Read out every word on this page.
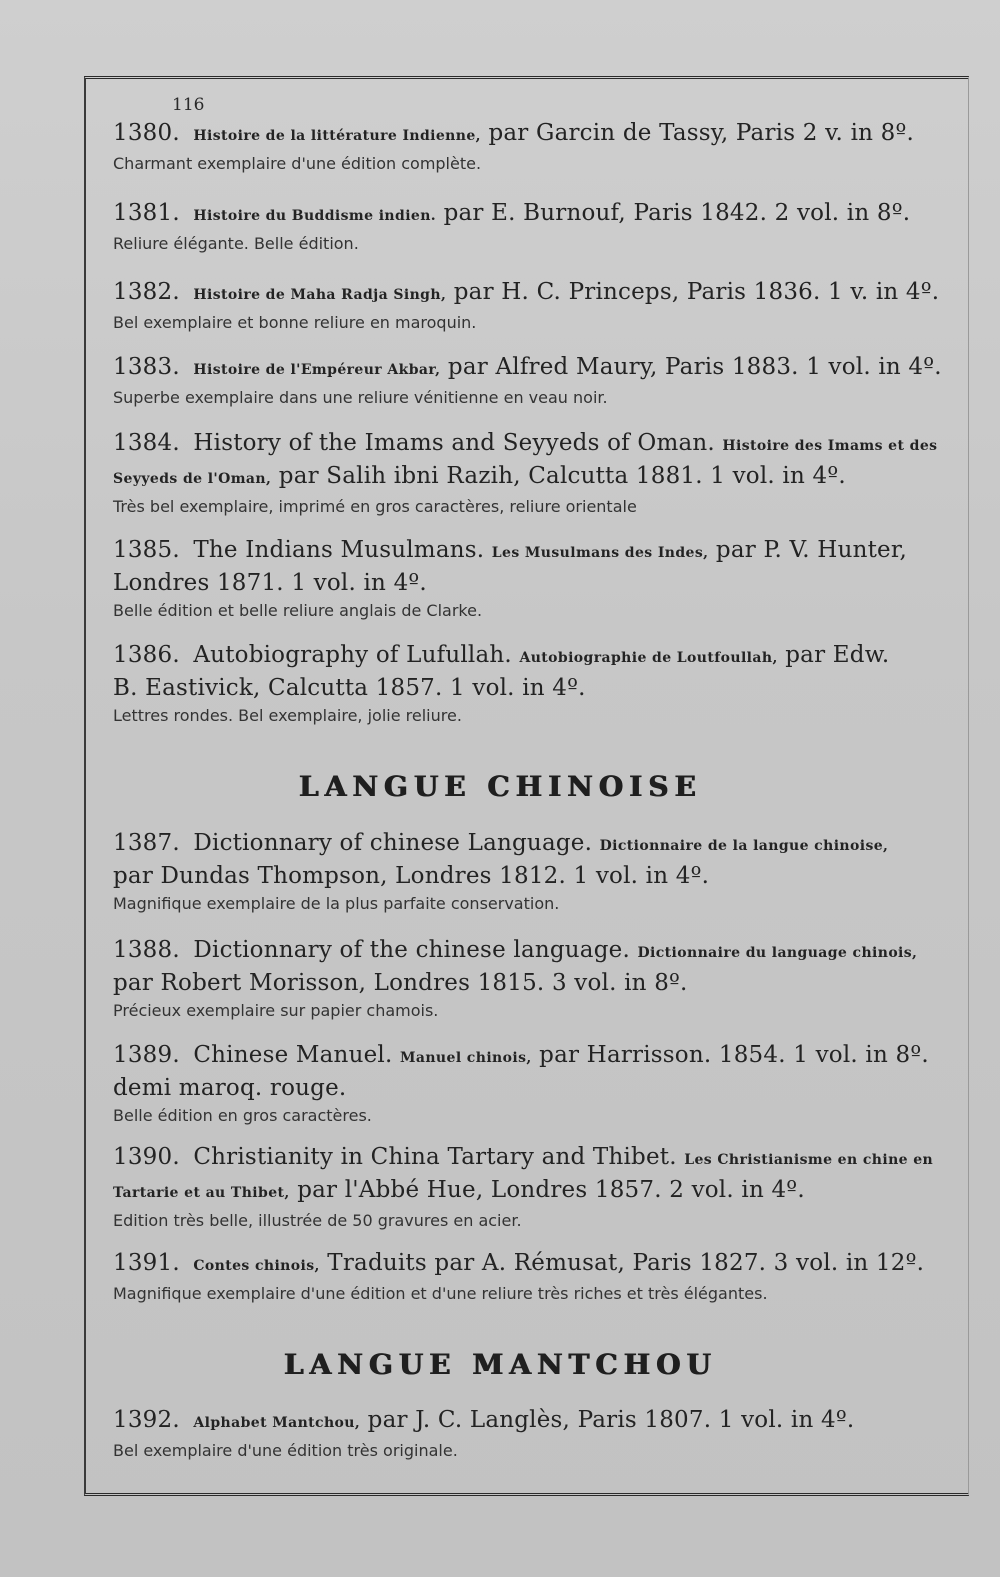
116
1380. Histoire de la littérature Indienne, par Garcin de Tassy, Paris 2 v. in 8º.
Charmant exemplaire d'une édition complète.
1381. Histoire du Buddisme indien. par E. Burnouf, Paris 1842. 2 vol. in 8º.
Reliure élégante. Belle édition.
1382. Histoire de Maha Radja Singh, par H. C. Princeps, Paris 1836. 1 v. in 4º.
Bel exemplaire et bonne reliure en maroquin.
1383. Histoire de l'Empéreur Akbar, par Alfred Maury, Paris 1883. 1 vol. in 4º.
Superbe exemplaire dans une reliure vénitienne en veau noir.
1384. History of the Imams and Seyyeds of Oman. Histoire des Imams et des
Seyyeds de l'Oman, par Salih ibni Razih, Calcutta 1881. 1 vol. in 4º.
Très bel exemplaire, imprimé en gros caractères, reliure orientale
1385. The Indians Musulmans. Les Musulmans des Indes, par P. V. Hunter,
Londres 1871. 1 vol. in 4º.
Belle édition et belle reliure anglais de Clarke.
1386. Autobiography of Lufullah. Autobiographie de Loutfoullah, par Edw.
B. Eastivick, Calcutta 1857. 1 vol. in 4º.
Lettres rondes. Bel exemplaire, jolie reliure.
LANGUE CHINOISE
1387. Dictionnary of chinese Language. Dictionnaire de la langue chinoise,
par Dundas Thompson, Londres 1812. 1 vol. in 4º.
Magnifique exemplaire de la plus parfaite conservation.
1388. Dictionnary of the chinese language. Dictionnaire du language chinois,
par Robert Morisson, Londres 1815. 3 vol. in 8º.
Précieux exemplaire sur papier chamois.
1389. Chinese Manuel. Manuel chinois, par Harrisson. 1854. 1 vol. in 8º.
demi maroq. rouge.
Belle édition en gros caractères.
1390. Christianity in China Tartary and Thibet. Les Christianisme en chine en
Tartarie et au Thibet, par l'Abbé Hue, Londres 1857. 2 vol. in 4º.
Edition très belle, illustrée de 50 gravures en acier.
1391. Contes chinois, Traduits par A. Rémusat, Paris 1827. 3 vol. in 12º.
Magnifique exemplaire d'une édition et d'une reliure très riches et très élégantes.
LANGUE MANTCHOU
1392. Alphabet Mantchou, par J. C. Langlès, Paris 1807. 1 vol. in 4º.
Bel exemplaire d'une édition très originale.
